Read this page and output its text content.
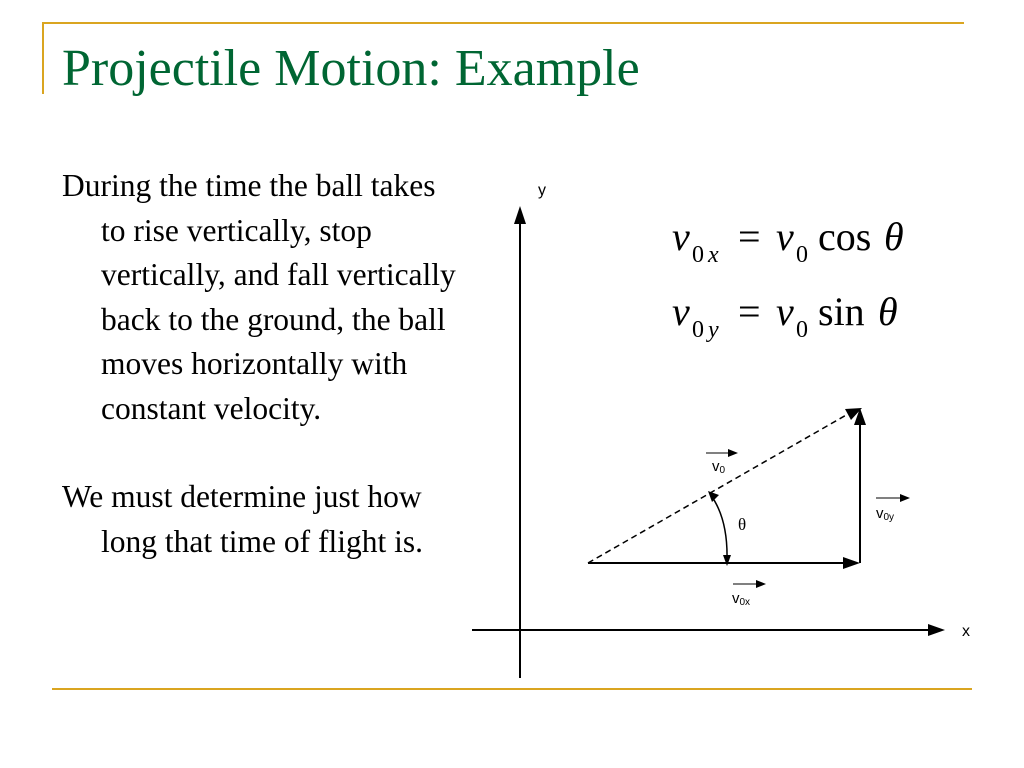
Projectile Motion: Example

During the time the ball takes to rise vertically, stop vertically, and fall vertically back to the ground, the ball moves horizontally with constant velocity.

We must determine just how long that time of flight is.

y
x
θ
v0
v0y
v0x
v 0 x = v 0 cos θ
v 0 y = v 0 sin θ
